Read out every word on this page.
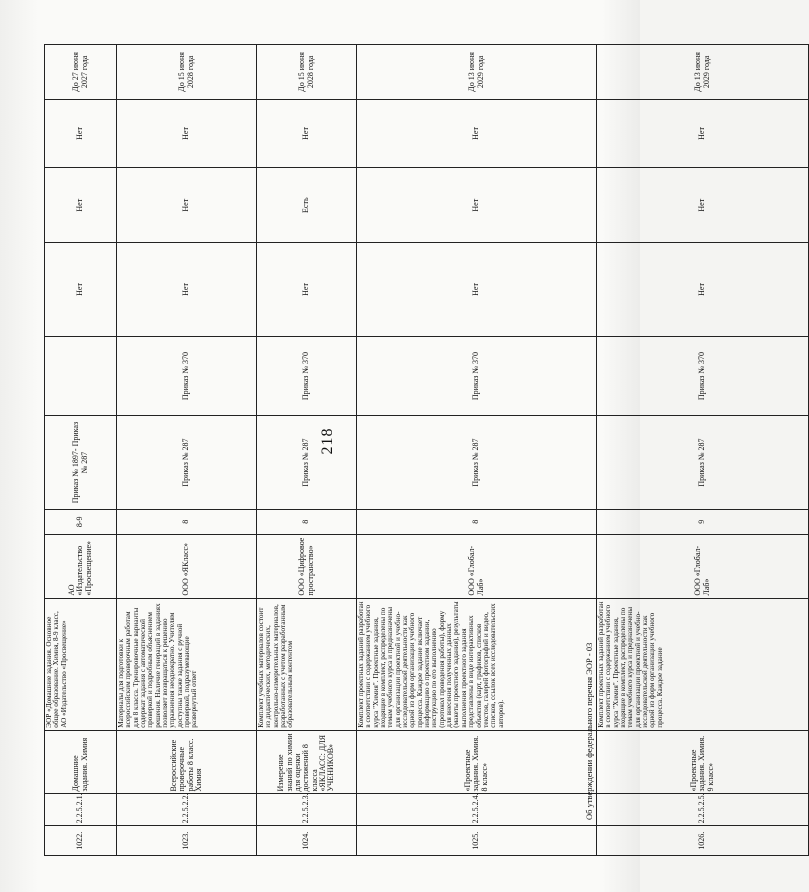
218
1022.	2.2.5.2.1.	Домашние задания. Химия	ЭОР «Домашние задания. Основное общее образование. Химия, 8-9 класс, АО «Издательство «Просвещение»	АО «Издательство «Просвещение»	8-9	Приказ № 1897- Приказ № 287		Нет	Нет	Нет	До 27 июня 2027 года
1023.	2.2.5.2.2.	Всероссийские проверочные работы 8 класс. Химия	Материалы для подготовки к всероссийским проверочным работам для 8 класса. Тренировочные варианты содержат задания с автоматической проверкой и подробным объяснением решения. Наличие генераций в заданиях позволяет возвращаться к решению упражнения неоднократно. Учителям доступны также задания с ручной проверкой, подразумевающие развернутый ответ	ООО «ЯКласс»	8	Приказ № 287	Приказ № 370	Нет	Нет	Нет	До 15 июня 2028 года
1024.	2.2.5.2.3.	Измерение знаний по химии для оценки достижений 8 класса «ЯКЛАСС: ДЛЯ УЧЕНИКОВ»	Комплект учебных материалов состоит из дидактических, методических, контрольно-измерительных материалов, разработанных с учетом разработанным образовательным контентом	ООО «Цифровое пространство»	8	Приказ № 287	Приказ № 370	Нет	Есть	Нет	До 15 июня 2028 года
1025.	2.2.5.2.4.	«Проектные задания. Химия. 8 класс»	Комплект проектных заданий разработан в соответствии с содержанием учебного курса "Химия". Проектные задания, входящие в комплект, распределены по темам учебного курса и предназначены для организации проектной и учебно-исследовательской деятельности как одной из форм организации учебного процесса. Каждое задание включает информацию о проектном задании, инструкцию по его выполнению (протокол проведения работы), форму для внесения полученных данных (макеты проектного задания), результаты выполнения проектного задания представлены в виде интерактивных объектов (карт, графиков, списков текстов, галерей фотографий и видео, списков, ссылок всех исследовательских авторов).	ООО «Глобал-Лаб»	8	Приказ № 287	Приказ № 370	Нет	Нет	Нет	До 13 июня 2029 года
1026.	2.2.5.2.5.	«Проектные задания. Химия. 9 класс»	Комплект проектных заданий разработан в соответствии с содержанием учебного курса "Химия". Проектные задания, входящие в комплект, распределены по темам учебного курса и предназначены для организации проектной и учебно-исследовательской деятельности как одной из форм организации учебного процесса. Каждое задание	ООО «Глобал-Лаб»	9	Приказ № 287	Приказ № 370	Нет	Нет	Нет	До 13 июня 2029 года
Об утверждении федерального перечня ЭОР - 03
